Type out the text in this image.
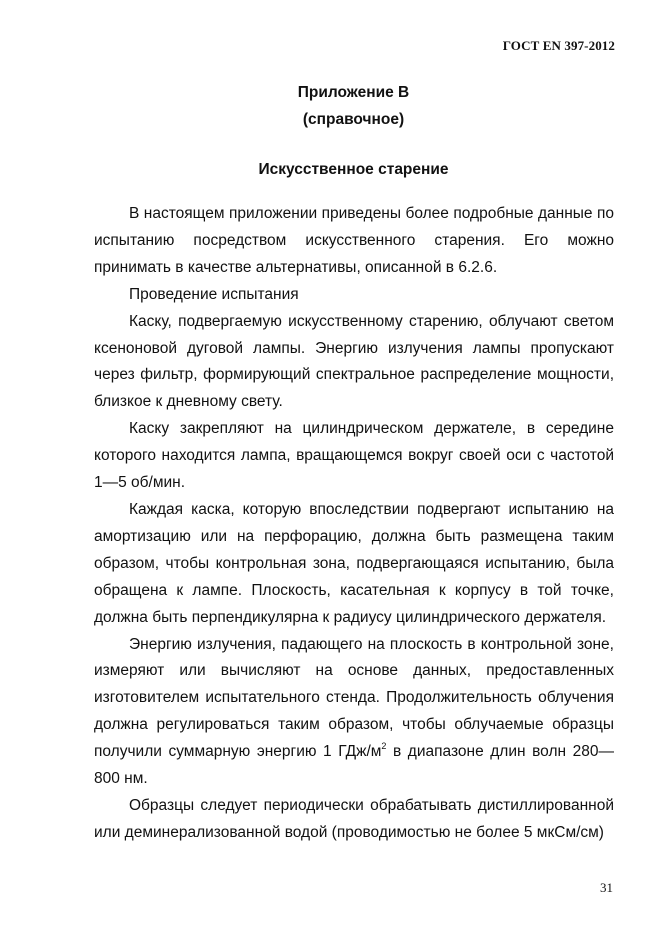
ГОСТ EN 397-2012
Приложение B
(справочное)
Искусственное старение

В настоящем приложении приведены более подробные данные по испытанию посредством искусственного старения. Его можно принимать в качестве альтернативы, описанной в 6.2.6.

Проведение испытания

Каску, подвергаемую искусственному старению, облучают светом ксеноновой дуговой лампы. Энергию излучения лампы пропускают через фильтр, формирующий спектральное распределение мощности, близкое к дневному свету.

Каску закрепляют на цилиндрическом держателе, в середине которого находится лампа, вращающемся вокруг своей оси с частотой 1—5 об/мин.

Каждая каска, которую впоследствии подвергают испытанию на амортизацию или на перфорацию, должна быть размещена таким образом, чтобы контрольная зона, подвергающаяся испытанию, была обращена к лампе. Плоскость, касательная к корпусу в той точке, должна быть перпендикулярна к радиусу цилиндрического держателя.

Энергию излучения, падающего на плоскость в контрольной зоне, измеряют или вычисляют на основе данных, предоставленных изготовителем испытательного стенда. Продолжительность облучения должна регулироваться таким образом, чтобы облучаемые образцы получили суммарную энергию 1 ГДж/$м^2$ в диапазоне длин волн 280—800 нм.

Образцы следует периодически обрабатывать дистиллированной или деминерализованной водой (проводимостью не более 5 мкСм/см)

31
